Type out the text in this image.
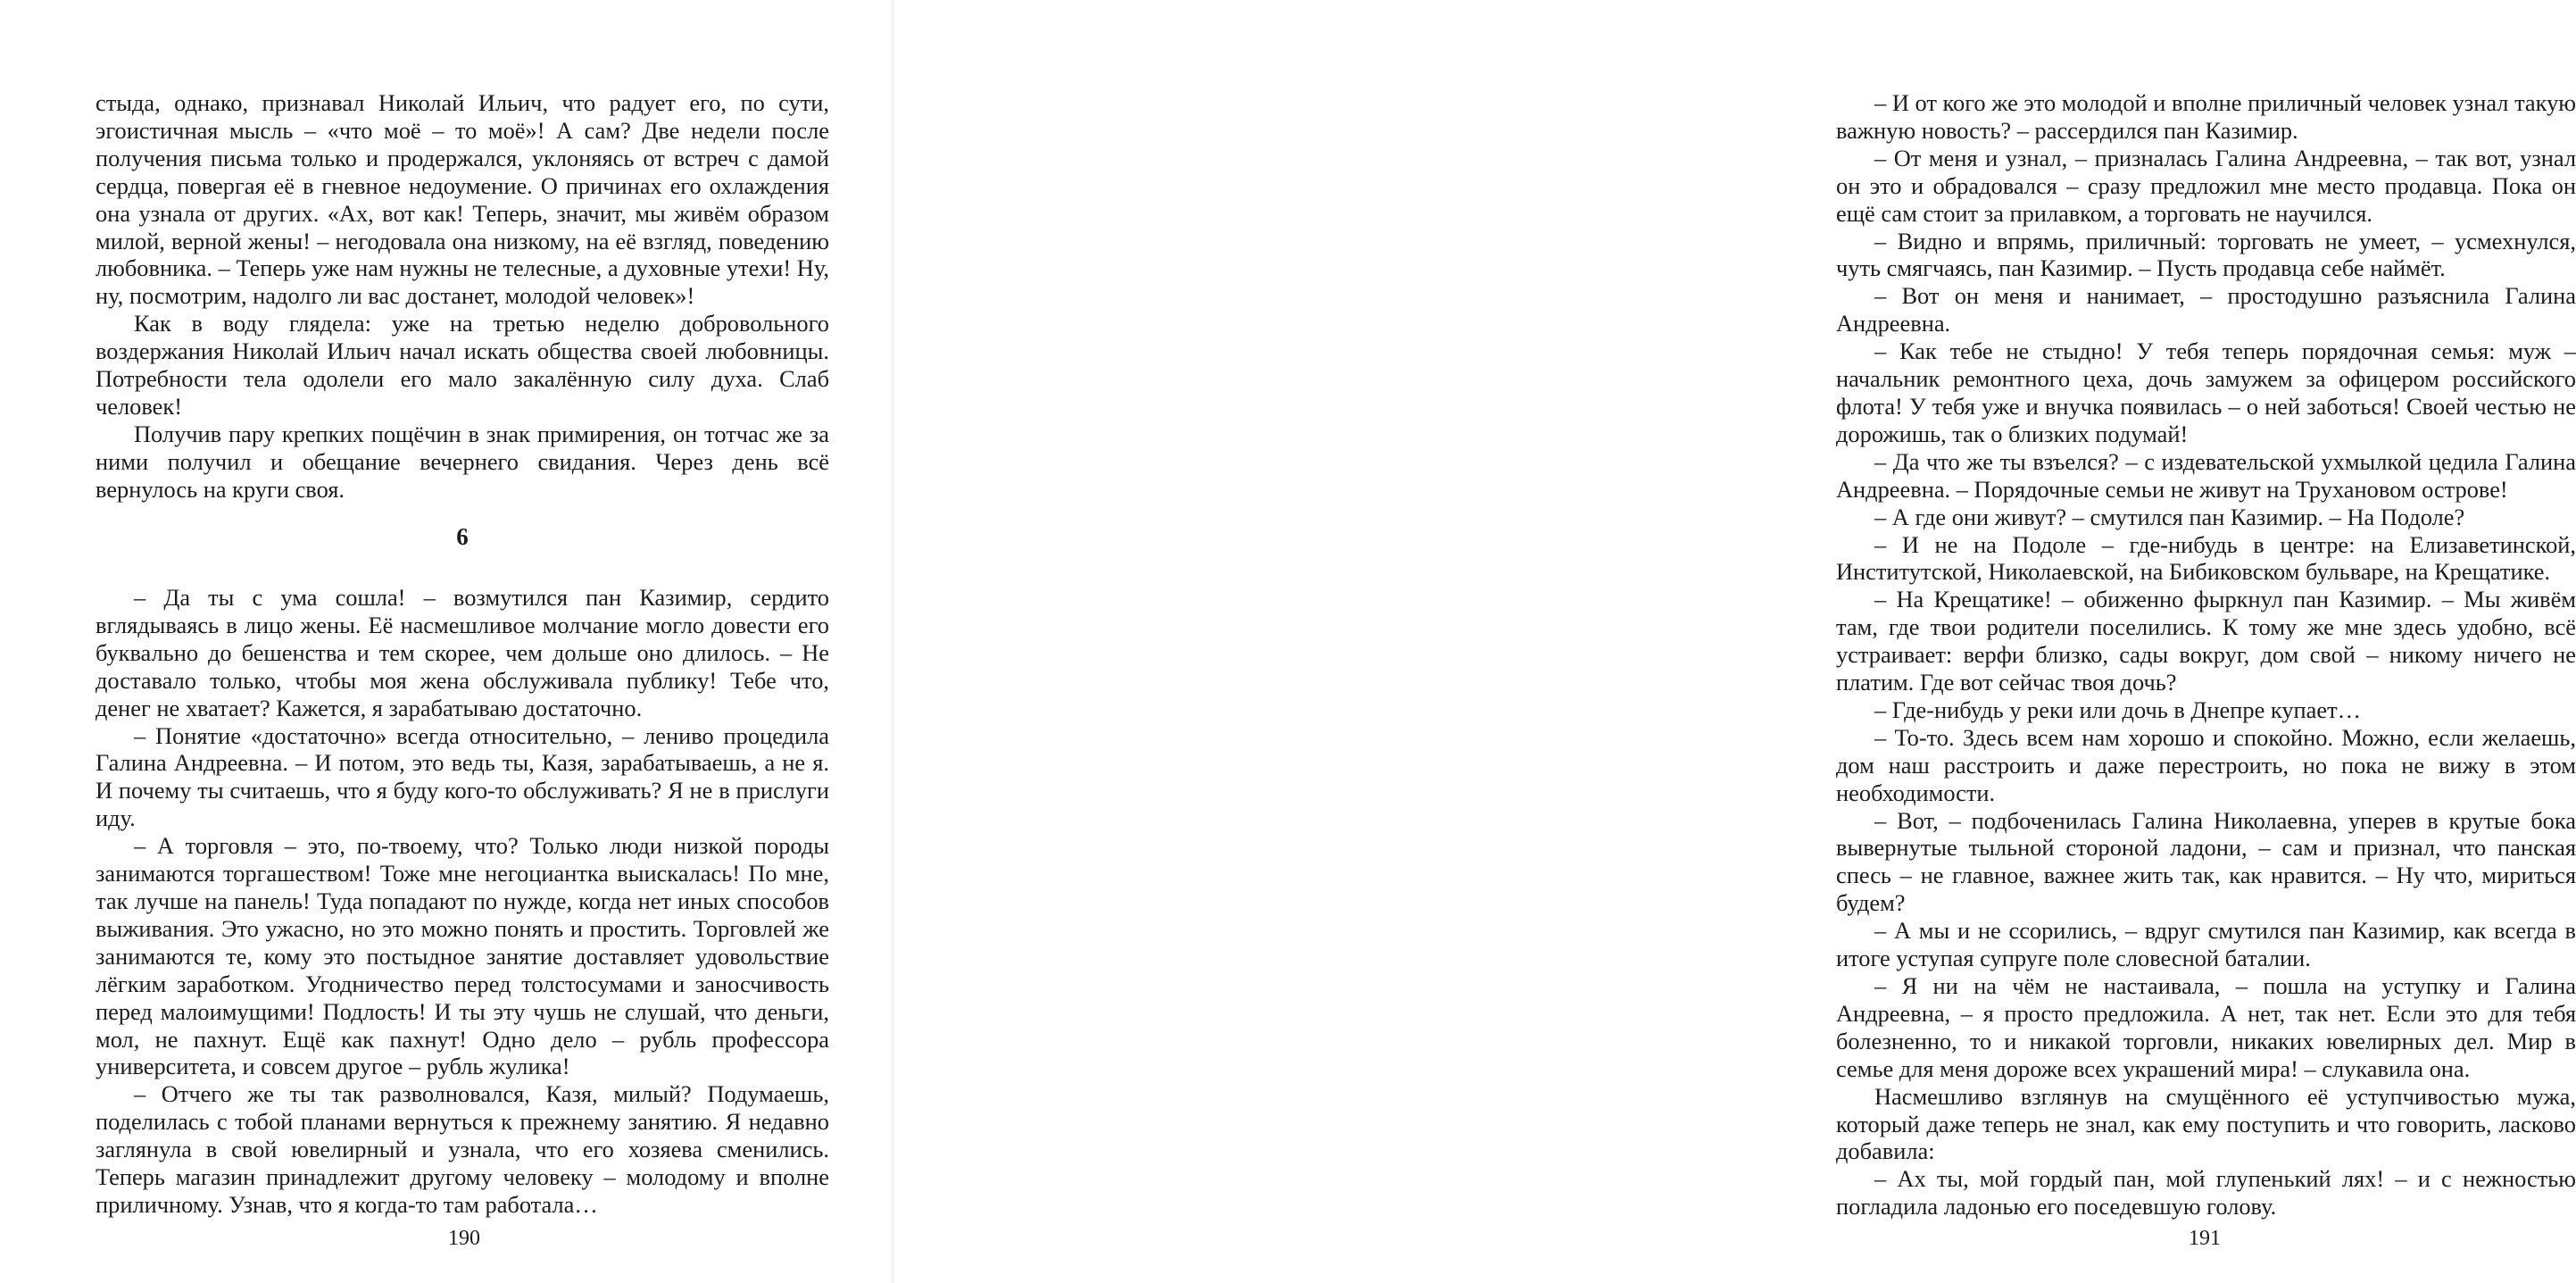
стыда, однако, признавал Николай Ильич, что радует его, по сути, эгоистичная мысль – «что моё – то моё»! А сам? Две недели после получения письма только и продержался, уклоняясь от встреч с дамой сердца, повергая её в гневное недоумение. О причинах его охлаждения она узнала от других. «Ах, вот как! Теперь, значит, мы живём образом милой, верной жены! – негодовала она низкому, на её взгляд, поведению любовника. – Теперь уже нам нужны не телесные, а духовные утехи! Ну, ну, посмотрим, надолго ли вас достанет, молодой человек»!

Как в воду глядела: уже на третью неделю добровольного воздержания Николай Ильич начал искать общества своей любовницы. Потребности тела одолели его мало закалённую силу духа. Слаб человек!

Получив пару крепких пощёчин в знак примирения, он тотчас же за ними получил и обещание вечернего свидания. Через день всё вернулось на круги своя.

6

– Да ты с ума сошла! – возмутился пан Казимир, сердито вглядываясь в лицо жены. Её насмешливое молчание могло довести его буквально до бешенства и тем скорее, чем дольше оно длилось. – Не доставало только, чтобы моя жена обслуживала публику! Тебе что, денег не хватает? Кажется, я зарабатываю достаточно.

– Понятие «достаточно» всегда относительно, – лениво процедила Галина Андреевна. – И потом, это ведь ты, Казя, зарабатываешь, а не я. И почему ты считаешь, что я буду кого-то обслуживать? Я не в прислуги иду.

– А торговля – это, по-твоему, что? Только люди низкой породы занимаются торгашеством! Тоже мне негоциантка выискалась! По мне, так лучше на панель! Туда попадают по нужде, когда нет иных способов выживания. Это ужасно, но это можно понять и простить. Торговлей же занимаются те, кому это постыдное занятие доставляет удовольствие лёгким заработком. Угодничество перед толстосумами и заносчивость перед малоимущими! Подлость! И ты эту чушь не слушай, что деньги, мол, не пахнут. Ещё как пахнут! Одно дело – рубль профессора университета, и совсем другое – рубль жулика!

– Отчего же ты так разволновался, Казя, милый? Подумаешь, поделилась с тобой планами вернуться к прежнему занятию. Я недавно заглянула в свой ювелирный и узнала, что его хозяева сменились. Теперь магазин принадлежит другому человеку – молодому и вполне приличному. Узнав, что я когда-то там работала…

190

– И от кого же это молодой и вполне приличный человек узнал такую важную новость? – рассердился пан Казимир.

– От меня и узнал, – призналась Галина Андреевна, – так вот, узнал он это и обрадовался – сразу предложил мне место продавца. Пока он ещё сам стоит за прилавком, а торговать не научился.

– Видно и впрямь, приличный: торговать не умеет, – усмехнулся, чуть смягчаясь, пан Казимир. – Пусть продавца себе наймёт.

– Вот он меня и нанимает, – простодушно разъяснила Галина Андреевна.

– Как тебе не стыдно! У тебя теперь порядочная семья: муж – начальник ремонтного цеха, дочь замужем за офицером российского флота! У тебя уже и внучка появилась – о ней заботься! Своей честью не дорожишь, так о близких подумай!

– Да что же ты взъелся? – с издевательской ухмылкой цедила Галина Андреевна. – Порядочные семьи не живут на Трухановом острове!

– А где они живут? – смутился пан Казимир. – На Подоле?

– И не на Подоле – где-нибудь в центре: на Елизаветинской, Институтской, Николаевской, на Бибиковском бульваре, на Крещатике.

– На Крещатике! – обиженно фыркнул пан Казимир. – Мы живём там, где твои родители поселились. К тому же мне здесь удобно, всё устраивает: верфи близко, сады вокруг, дом свой – никому ничего не платим. Где вот сейчас твоя дочь?

– Где-нибудь у реки или дочь в Днепре купает…

– То-то. Здесь всем нам хорошо и спокойно. Можно, если желаешь, дом наш расстроить и даже перестроить, но пока не вижу в этом необходимости.

– Вот, – подбоченилась Галина Николаевна, уперев в крутые бока вывернутые тыльной стороной ладони, – сам и признал, что панская спесь – не главное, важнее жить так, как нравится. – Ну что, мириться будем?

– А мы и не ссорились, – вдруг смутился пан Казимир, как всегда в итоге уступая супруге поле словесной баталии.

– Я ни на чём не настаивала, – пошла на уступку и Галина Андреевна, – я просто предложила. А нет, так нет. Если это для тебя болезненно, то и никакой торговли, никаких ювелирных дел. Мир в семье для меня дороже всех украшений мира! – слукавила она.

Насмешливо взглянув на смущённого её уступчивостью мужа, который даже теперь не знал, как ему поступить и что говорить, ласково добавила:

– Ах ты, мой гордый пан, мой глупенький лях! – и с нежностью погладила ладонью его поседевшую голову.

191
